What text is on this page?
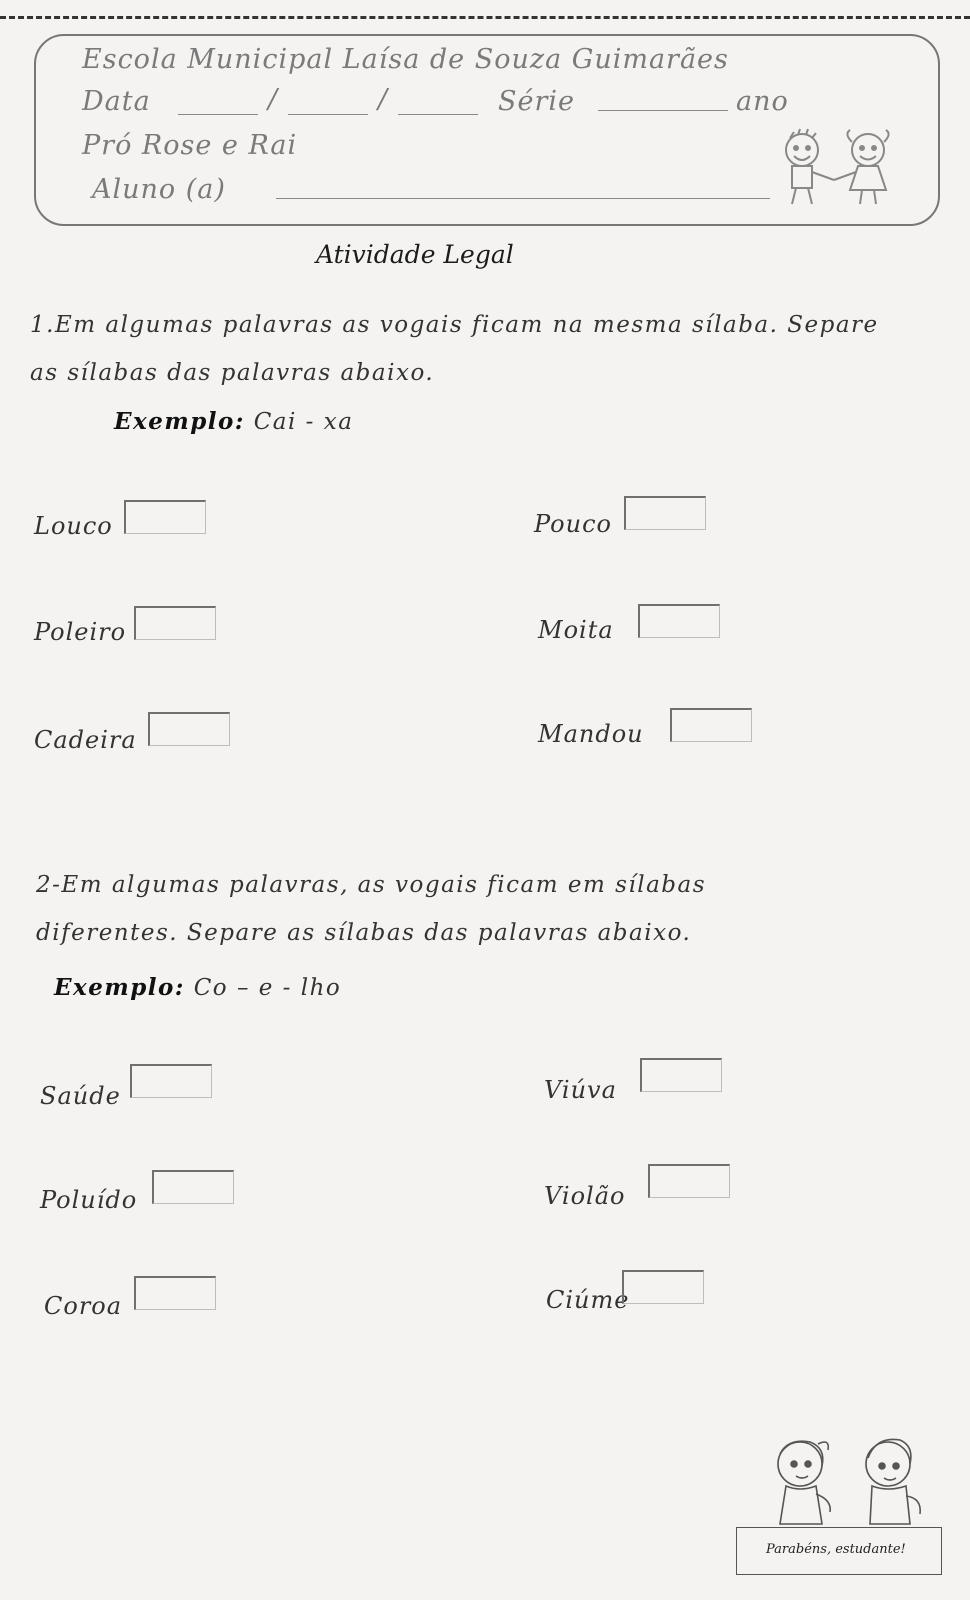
Escola Municipal Laísa de Souza Guimarães
Data	/	/	Série	ano
Pró Rose e Rai
Aluno (a)
Atividade Legal
1.Em algumas palavras as vogais ficam na mesma sílaba. Separe
as sílabas das palavras abaixo.
Exemplo: Cai - xa
Louco	Pouco
Poleiro	Moita
Cadeira	Mandou
2-Em algumas palavras, as vogais ficam em sílabas
diferentes. Separe as sílabas das palavras abaixo.
Exemplo: Co – e - lho
Saúde	Viúva
Poluído	Violão
Coroa	Ciúme
Parabéns, estudante!
